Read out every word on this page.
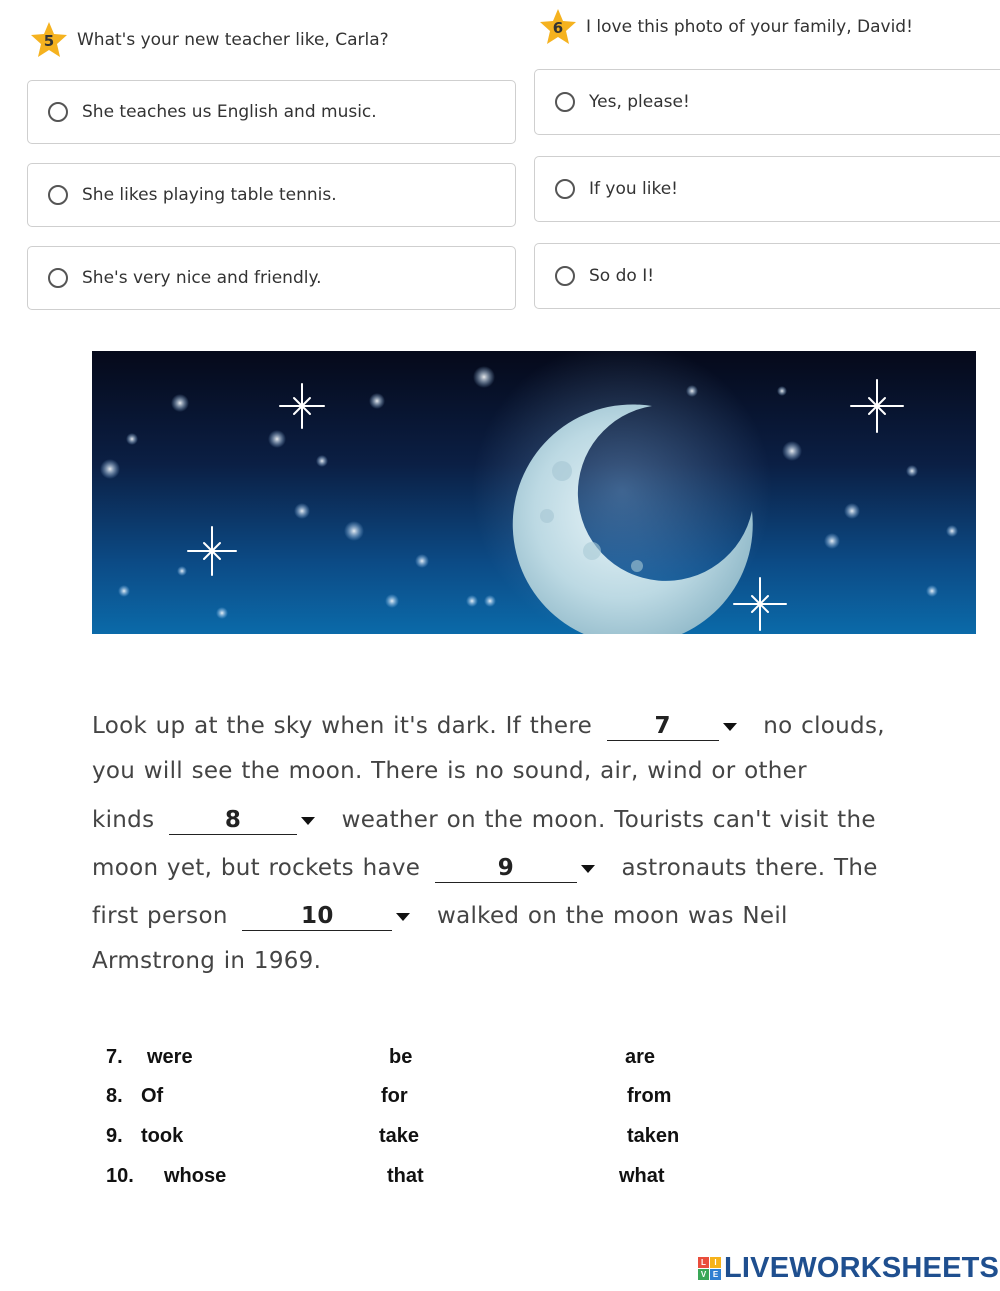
5	What's your new teacher like, Carla?
6	I love this photo of your family, David!
She teaches us English and music.
She likes playing table tennis.
She's very nice and friendly.
Yes, please!
If you like!
So do I!
Look up at the sky when it's dark. If there	7	no clouds,
you will see the moon. There is no sound, air, wind or other
kinds	8	weather on the moon. Tourists can't visit the
moon yet, but rockets have	9	astronauts there. The
first person	10	walked on the moon was Neil
Armstrong in 1969.
7. were	be	are
8. Of	for	from
9. took	take	taken
10. whose	that	what
L	I
V E LIVEWORKSHEETS
